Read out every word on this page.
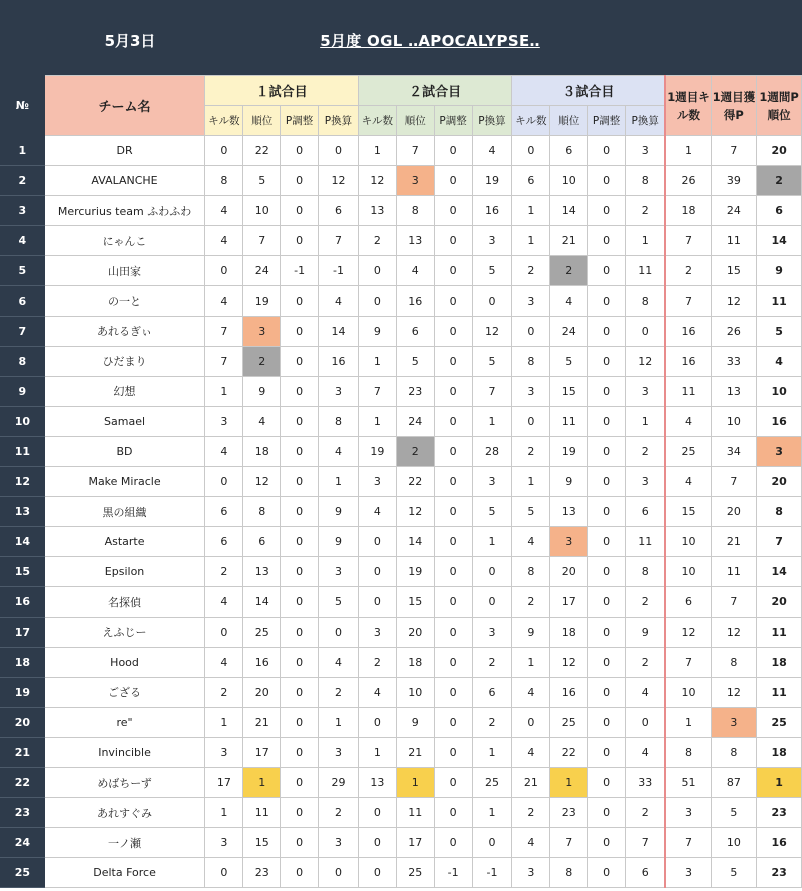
5月3日	5月度 OGL ‥APOCALYPSE‥
№	チーム名	１試合目				２試合目				３試合目				1週目キル数	1週目獲得P	1週間P順位
		キル数	順位	P調整	P換算	キル数	順位	P調整	P換算	キル数	順位	P調整	P換算			
1	DR	0	22	0	0	1	7	0	4	0	6	0	3	1	7	20
2	AVALANCHE	8	5	0	12	12	3	0	19	6	10	0	8	26	39	2
3	Mercurius team ふわふわ	4	10	0	6	13	8	0	16	1	14	0	2	18	24	6
4	にゃんこ	4	7	0	7	2	13	0	3	1	21	0	1	7	11	14
5	山田家	0	24	-1	-1	0	4	0	5	2	2	0	11	2	15	9
6	の一と	4	19	0	4	0	16	0	0	3	4	0	8	7	12	11
7	あれるぎぃ	7	3	0	14	9	6	0	12	0	24	0	0	16	26	5
8	ひだまり	7	2	0	16	1	5	0	5	8	5	0	12	16	33	4
9	幻想	1	9	0	3	7	23	0	7	3	15	0	3	11	13	10
10	Samael	3	4	0	8	1	24	0	1	0	11	0	1	4	10	16
11	BD	4	18	0	4	19	2	0	28	2	19	0	2	25	34	3
12	Make Miracle	0	12	0	1	3	22	0	3	1	9	0	3	4	7	20
13	黒の組織	6	8	0	9	4	12	0	5	5	13	0	6	15	20	8
14	Astarte	6	6	0	9	0	14	0	1	4	3	0	11	10	21	7
15	Epsilon	2	13	0	3	0	19	0	0	8	20	0	8	10	11	14
16	名探偵	4	14	0	5	0	15	0	0	2	17	0	2	6	7	20
17	えふじー	0	25	0	0	3	20	0	3	9	18	0	9	12	12	11
18	Hood	4	16	0	4	2	18	0	2	1	12	0	2	7	8	18
19	ござる	2	20	0	2	4	10	0	6	4	16	0	4	10	12	11
20	re"	1	21	0	1	0	9	0	2	0	25	0	0	1	3	25
21	Invincible	3	17	0	3	1	21	0	1	4	22	0	4	8	8	18
22	めばちーず	17	1	0	29	13	1	0	25	21	1	0	33	51	87	1
23	あれすぐみ	1	11	0	2	0	11	0	1	2	23	0	2	3	5	23
24	一ノ瀬	3	15	0	3	0	17	0	0	4	7	0	7	7	10	16
25	Delta Force	0	23	0	0	0	25	-1	-1	3	8	0	6	3	5	23
